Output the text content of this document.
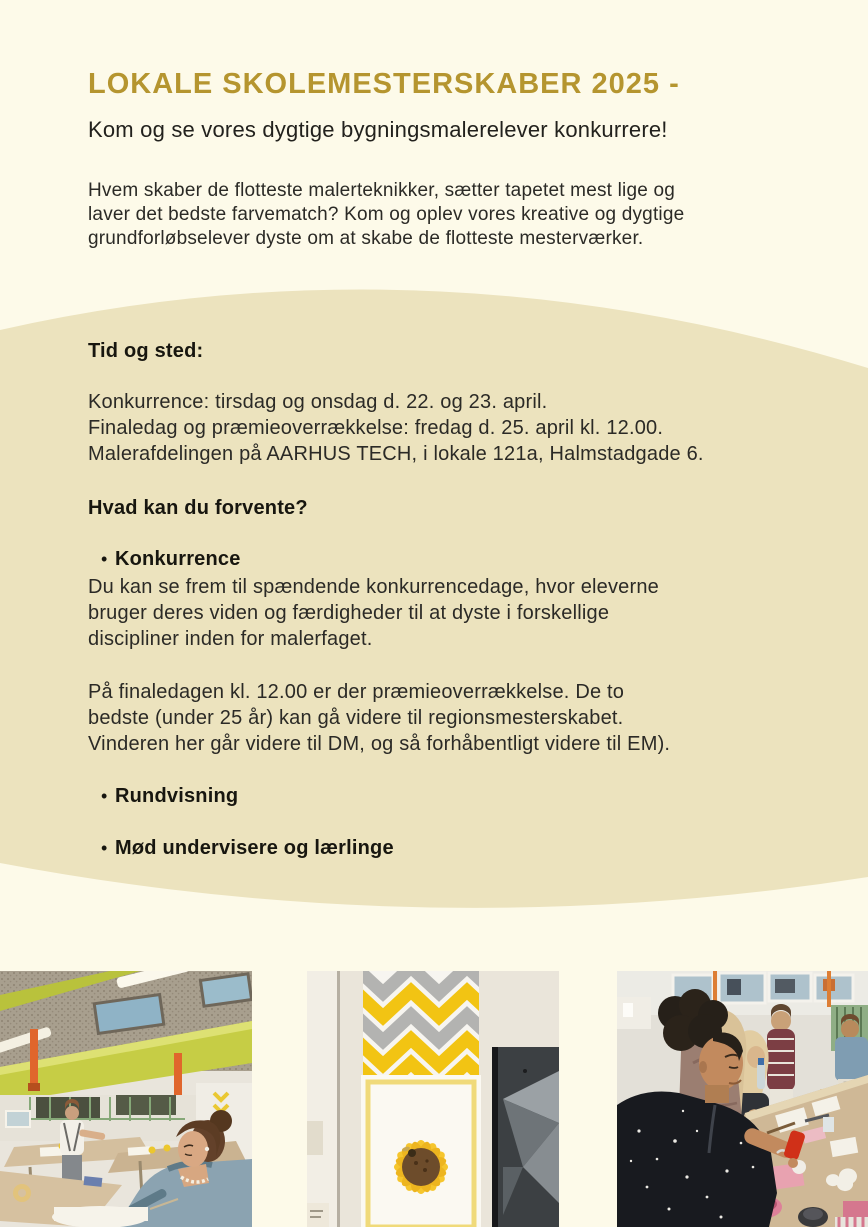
LOKALE SKOLEMESTERSKABER 2025 -

Kom og se vores dygtige bygningsmalerelever konkurrere!

Hvem skaber de flotteste malerteknikker, sætter tapetet mest lige og
laver det bedste farvematch? Kom og oplev vores kreative og dygtige
grundforløbselever dyste om at skabe de flotteste mesterværker.
Tid og sted:
Konkurrence: tirsdag og onsdag d. 22. og 23. april.
Finaledag og præmieoverrækkelse: fredag d. 25. april kl. 12.00.
Malerafdelingen på AARHUS TECH, i lokale 121a, Halmstadgade 6.
Hvad kan du forvente?
• Konkurrence
Du kan se frem til spændende konkurrencedage, hvor eleverne
bruger deres viden og færdigheder til at dyste i forskellige
discipliner inden for malerfaget.
På finaledagen kl. 12.00 er der præmieoverrækkelse. De to
bedste (under 25 år) kan gå videre til regionsmesterskabet.
Vinderen her går videre til DM, og så forhåbentligt videre til EM).
• Rundvisning
• Mød undervisere og lærlinge
